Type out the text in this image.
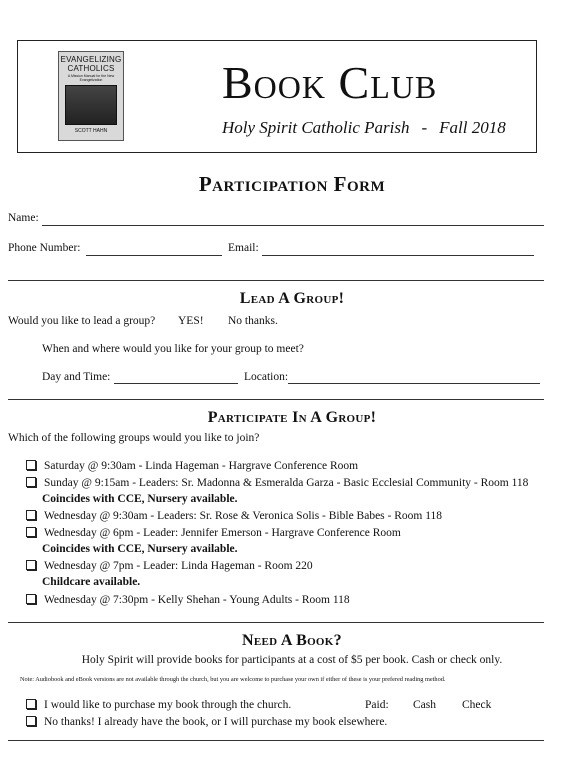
EVANGELIZING CATHOLICS
A Mission Manual for the New Evangelization
SCOTT HAHN
Book Club
Holy Spirit Catholic Parish - Fall 2018
Participation Form
Name:
Phone Number:	Email:
Lead A Group!
Would you like to lead a group? YES! No thanks.
When and where would you like for your group to meet?
Day and Time:	Location:
Participate In A Group!
Which of the following groups would you like to join?
Saturday @ 9:30am - Linda Hageman - Hargrave Conference Room
Sunday @ 9:15am - Leaders: Sr. Madonna & Esmeralda Garza - Basic Ecclesial Community - Room 118
Coincides with CCE, Nursery available.
Wednesday @ 9:30am - Leaders: Sr. Rose & Veronica Solis - Bible Babes - Room 118
Wednesday @ 6pm - Leader: Jennifer Emerson - Hargrave Conference Room
Coincides with CCE, Nursery available.
Wednesday @ 7pm - Leader: Linda Hageman - Room 220
Childcare available.
Wednesday @ 7:30pm - Kelly Shehan - Young Adults - Room 118
Need A Book?
Holy Spirit will provide books for participants at a cost of $5 per book. Cash or check only.
Note: Audiobook and eBook versions are not available through the church, but you are welcome to purchase your own if either of these is your prefered reading method.
I would like to purchase my book through the church.	Paid: Cash Check
No thanks! I already have the book, or I will purchase my book elsewhere.
